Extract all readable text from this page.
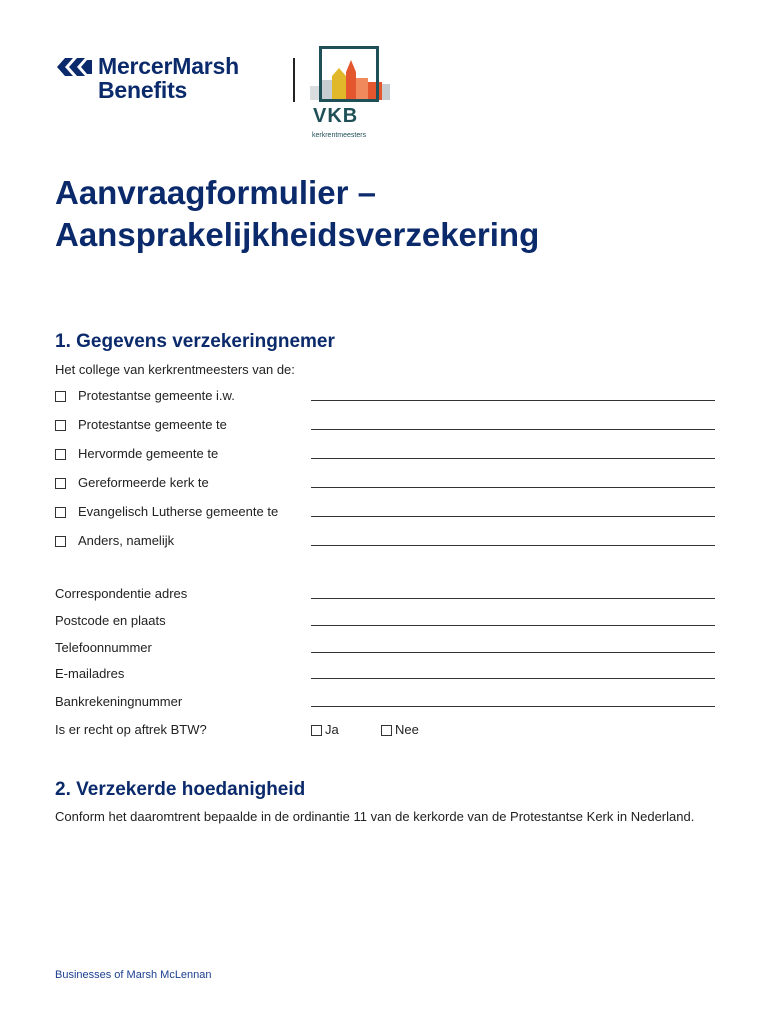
MercerMarsh
Benefits
VKB
kerkrentmeesters
Aanvraagformulier –
Aansprakelijkheidsverzekering
1. Gegevens verzekeringnemer
Het college van kerkrentmeesters van de:
Protestantse gemeente i.w.
Protestantse gemeente te
Hervormde gemeente te
Gereformeerde kerk te
Evangelisch Lutherse gemeente te
Anders, namelijk
Correspondentie adres
Postcode en plaats
Telefoonnummer
E-mailadres
Bankrekeningnummer
Is er recht op aftrek BTW?	Ja	Nee
2. Verzekerde hoedanigheid
Conform het daaromtrent bepaalde in de ordinantie 11 van de kerkorde van de Protestantse Kerk in Nederland.
Businesses of Marsh McLennan
